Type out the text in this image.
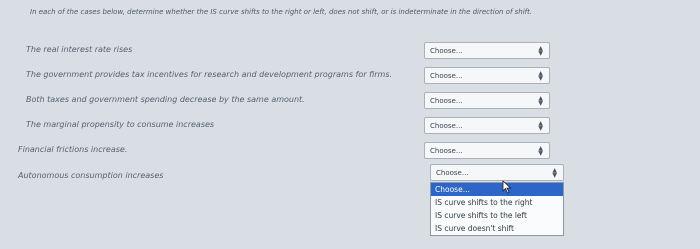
In each of the cases below, determine whether the IS curve shifts to the right or left, does not shift, or is indeterminate in the direction of shift.
The real interest rate rises	Choose...	▲
▼
The government provides tax incentives for research and development programs for firms.	Choose...	▲
▼
Both taxes and government spending decrease by the same amount.	Choose...	▲
▼
The marginal propensity to consume increases	Choose...	▲
▼
Financial frictions increase.	Choose...	▲
▼
Autonomous consumption increases	Choose...	▲
▼
Choose...
IS curve shifts to the right
IS curve shifts to the left
IS curve doesn't shift
